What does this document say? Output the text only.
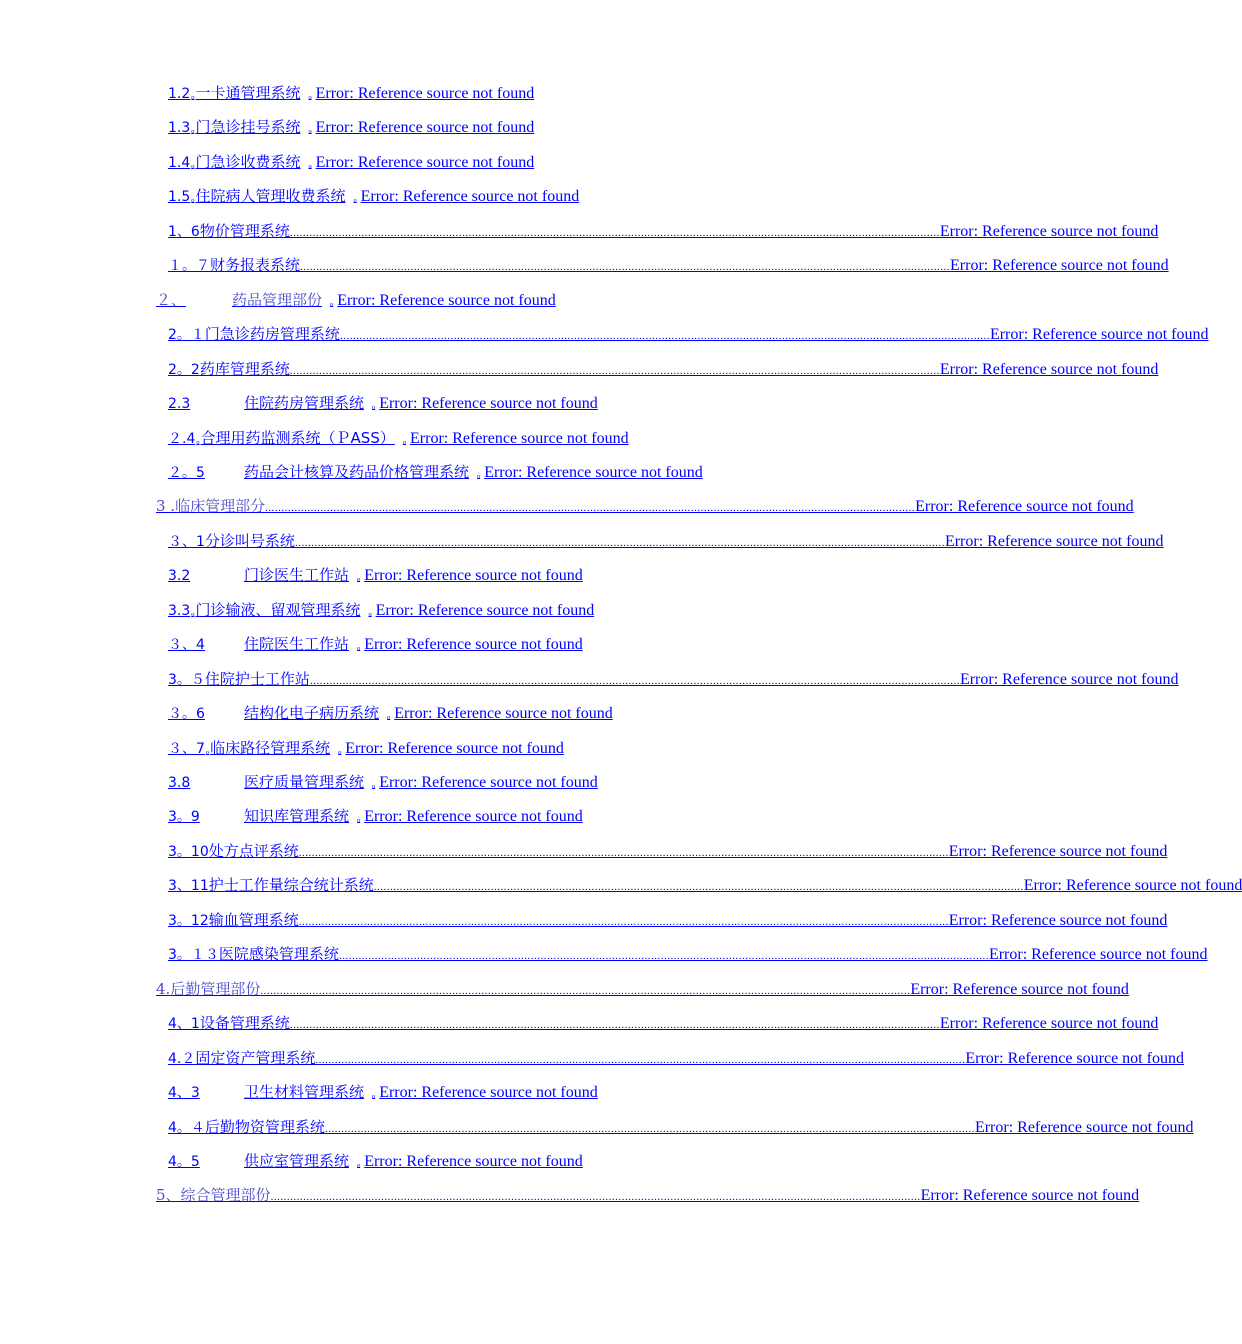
1.2 ₒ 一卡通管理系统 ₒ Error: Reference source not found
1.3 ₒ 门急诊挂号系统 ₒ Error: Reference source not found
1.4 ₒ 门急诊收费系统 ₒ Error: Reference source not found
1.5 ₒ 住院病人管理收费系统 ₒ Error: Reference source not found
1、6 物价管理系统 ........................................................................................................................................................................................................ Error: Reference source not found
１。７ 财务报表系统 ........................................................................................................................................................................................................ Error: Reference source not found
２、	药品管理部份 ₒ Error: Reference source not found
2。１ 门急诊药房管理系统 ........................................................................................................................................................................................................ Error: Reference source not found
2。2 药库管理系统 ........................................................................................................................................................................................................ Error: Reference source not found
2.3	住院药房管理系统 ₒ Error: Reference source not found
２.4 ₒ 合理用药监测系统（ＰASS） ₒ Error: Reference source not found
２。5	药品会计核算及药品价格管理系统 ₒ Error: Reference source not found
3 . 临床管理部分 ........................................................................................................................................................................................................ Error: Reference source not found
３、1 分诊叫号系统 ........................................................................................................................................................................................................ Error: Reference source not found
3.2	门诊医生工作站 ₒ Error: Reference source not found
3.3 ₒ 门诊输液、留观管理系统 ₒ Error: Reference source not found
３、4	住院医生工作站 ₒ Error: Reference source not found
3。５ 住院护士工作站 ........................................................................................................................................................................................................ Error: Reference source not found
３。6	结构化电子病历系统 ₒ Error: Reference source not found
３、7 ₒ 临床路径管理系统 ₒ Error: Reference source not found
3.8	医疗质量管理系统 ₒ Error: Reference source not found
3。9	知识库管理系统 ₒ Error: Reference source not found
3。10 处方点评系统 ........................................................................................................................................................................................................ Error: Reference source not found
3、11 护士工作量综合统计系统 ........................................................................................................................................................................................................ Error: Reference source not found
3。12 输血管理系统 ........................................................................................................................................................................................................ Error: Reference source not found
3。１３ 医院感染管理系统 ........................................................................................................................................................................................................ Error: Reference source not found
4. 后勤管理部份 ........................................................................................................................................................................................................ Error: Reference source not found
4、1 设备管理系统 ........................................................................................................................................................................................................ Error: Reference source not found
4.２ 固定资产管理系统 ........................................................................................................................................................................................................ Error: Reference source not found
4、3	卫生材料管理系统 ₒ Error: Reference source not found
4。４ 后勤物资管理系统 ........................................................................................................................................................................................................ Error: Reference source not found
4。5	供应室管理系统 ₒ Error: Reference source not found
5、 综合管理部份 ........................................................................................................................................................................................................ Error: Reference source not found
